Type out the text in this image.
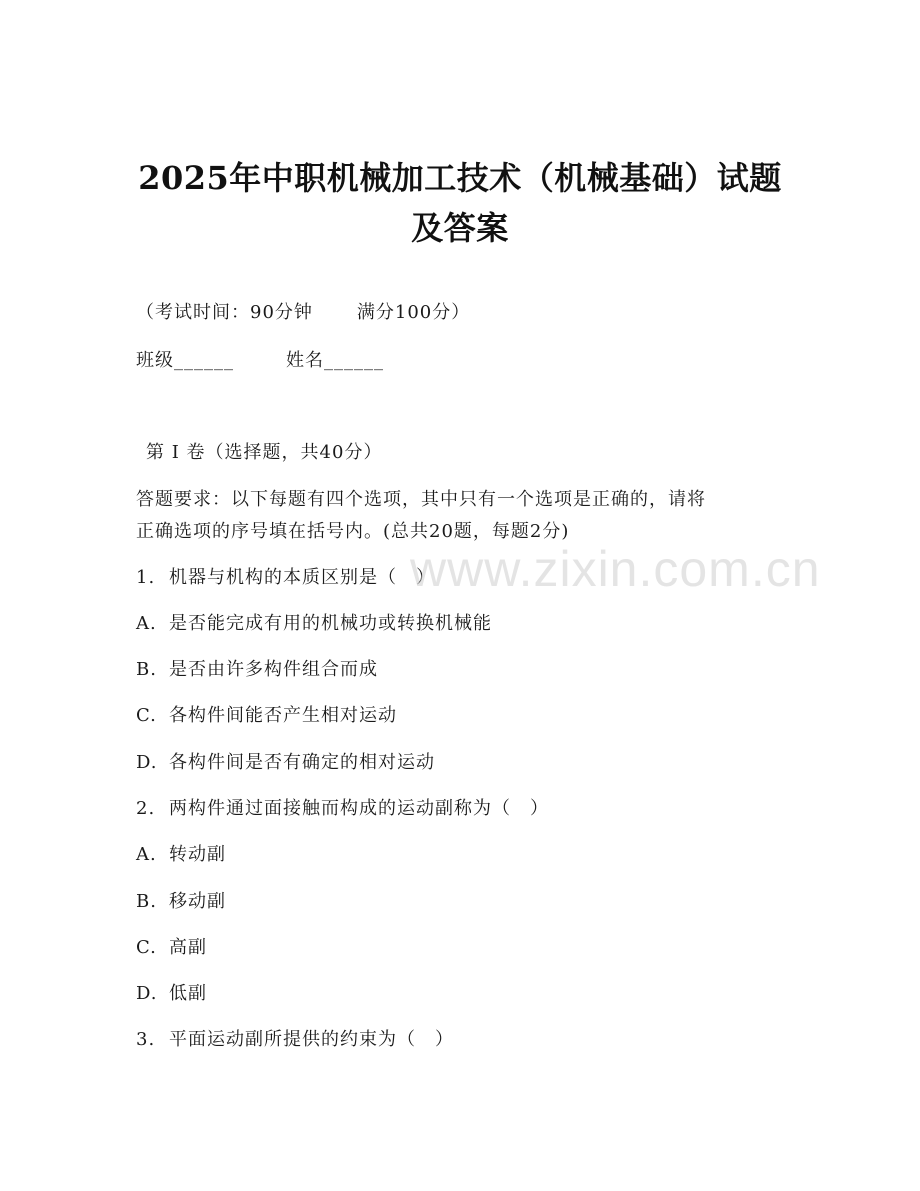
2025年中职机械加工技术（机械基础）试题
及答案
（考试时间：90分钟 满分100分）
班级______	姓名______
第 I 卷（选择题，共40分）
答题要求：以下每题有四个选项，其中只有一个选项是正确的，请将
正确选项的序号填在括号内。(总共20题，每题2分)
1. 机器与机构的本质区别是（　）
A. 是否能完成有用的机械功或转换机械能
B. 是否由许多构件组合而成
C. 各构件间能否产生相对运动
D. 各构件间是否有确定的相对运动
2. 两构件通过面接触而构成的运动副称为（　）
A. 转动副
B. 移动副
C. 高副
D. 低副
3. 平面运动副所提供的约束为（　）
www.zixin.com.cn
